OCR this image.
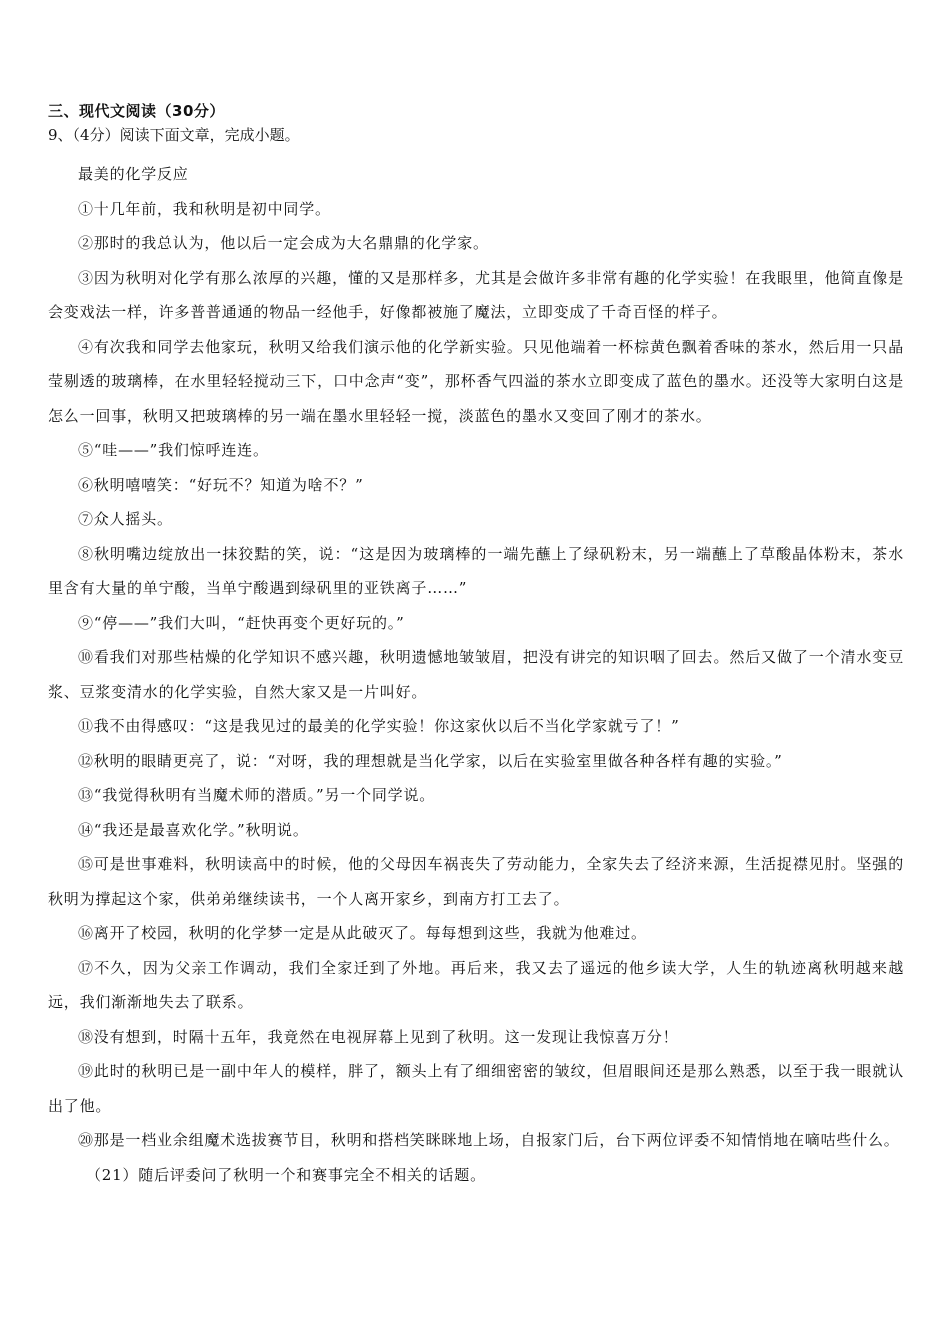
三、现代文阅读（30分）
9、（4分）阅读下面文章，完成小题。

最美的化学反应

①十几年前，我和秋明是初中同学。

②那时的我总认为，他以后一定会成为大名鼎鼎的化学家。

③因为秋明对化学有那么浓厚的兴趣，懂的又是那样多，尤其是会做许多非常有趣的化学实验！在我眼里，他简直像是会变戏法一样，许多普普通通的物品一经他手，好像都被施了魔法，立即变成了千奇百怪的样子。

④有次我和同学去他家玩，秋明又给我们演示他的化学新实验。只见他端着一杯棕黄色飘着香味的茶水，然后用一只晶莹剔透的玻璃棒，在水里轻轻搅动三下，口中念声“变”，那杯香气四溢的茶水立即变成了蓝色的墨水。还没等大家明白这是怎么一回事，秋明又把玻璃棒的另一端在墨水里轻轻一搅，淡蓝色的墨水又变回了刚才的茶水。

⑤“哇——”我们惊呼连连。

⑥秋明嘻嘻笑：“好玩不？知道为啥不？”

⑦众人摇头。

⑧秋明嘴边绽放出一抹狡黠的笑，说：“这是因为玻璃棒的一端先蘸上了绿矾粉末，另一端蘸上了草酸晶体粉末，茶水里含有大量的单宁酸，当单宁酸遇到绿矾里的亚铁离子……”

⑨“停——”我们大叫，“赶快再变个更好玩的。”

⑩看我们对那些枯燥的化学知识不感兴趣，秋明遗憾地皱皱眉，把没有讲完的知识咽了回去。然后又做了一个清水变豆浆、豆浆变清水的化学实验，自然大家又是一片叫好。

⑪我不由得感叹：“这是我见过的最美的化学实验！你这家伙以后不当化学家就亏了！”

⑫秋明的眼睛更亮了，说：“对呀，我的理想就是当化学家，以后在实验室里做各种各样有趣的实验。”

⑬“我觉得秋明有当魔术师的潜质。”另一个同学说。

⑭“我还是最喜欢化学。”秋明说。

⑮可是世事难料，秋明读高中的时候，他的父母因车祸丧失了劳动能力，全家失去了经济来源，生活捉襟见肘。坚强的秋明为撑起这个家，供弟弟继续读书，一个人离开家乡，到南方打工去了。

⑯离开了校园，秋明的化学梦一定是从此破灭了。每每想到这些，我就为他难过。

⑰不久，因为父亲工作调动，我们全家迁到了外地。再后来，我又去了遥远的他乡读大学，人生的轨迹离秋明越来越远，我们渐渐地失去了联系。

⑱没有想到，时隔十五年，我竟然在电视屏幕上见到了秋明。这一发现让我惊喜万分！

⑲此时的秋明已是一副中年人的模样，胖了，额头上有了细细密密的皱纹，但眉眼间还是那么熟悉，以至于我一眼就认出了他。

⑳那是一档业余组魔术选拔赛节目，秋明和搭档笑眯眯地上场，自报家门后，台下两位评委不知情悄地在嘀咕些什么。

（21）随后评委问了秋明一个和赛事完全不相关的话题。
